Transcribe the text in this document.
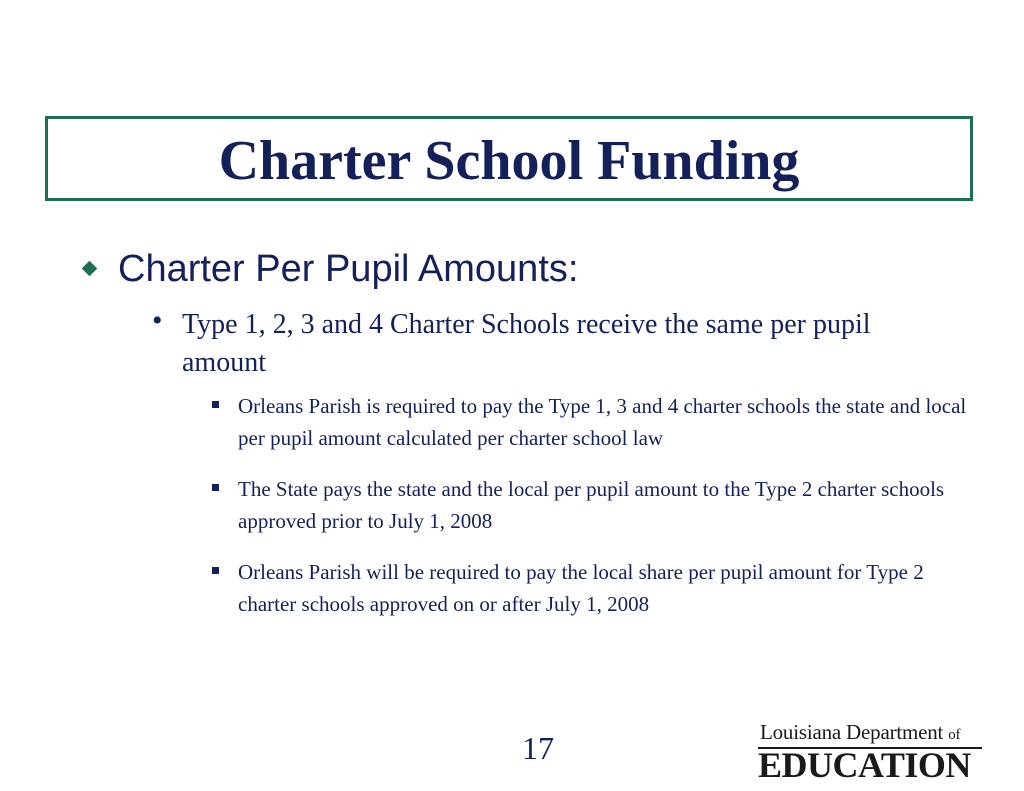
Charter School Funding
Charter Per Pupil Amounts:
• Type 1, 2, 3 and 4 Charter Schools receive the same per pupil amount
Orleans Parish is required to pay the Type 1, 3 and 4 charter schools the state and local per pupil amount calculated per charter school law
The State pays the state and the local per pupil amount to the Type 2 charter schools approved prior to July 1, 2008
Orleans Parish will be required to pay the local share per pupil amount for Type 2 charter schools approved on or after July 1, 2008
17	Louisiana Department of
EDUCATION
